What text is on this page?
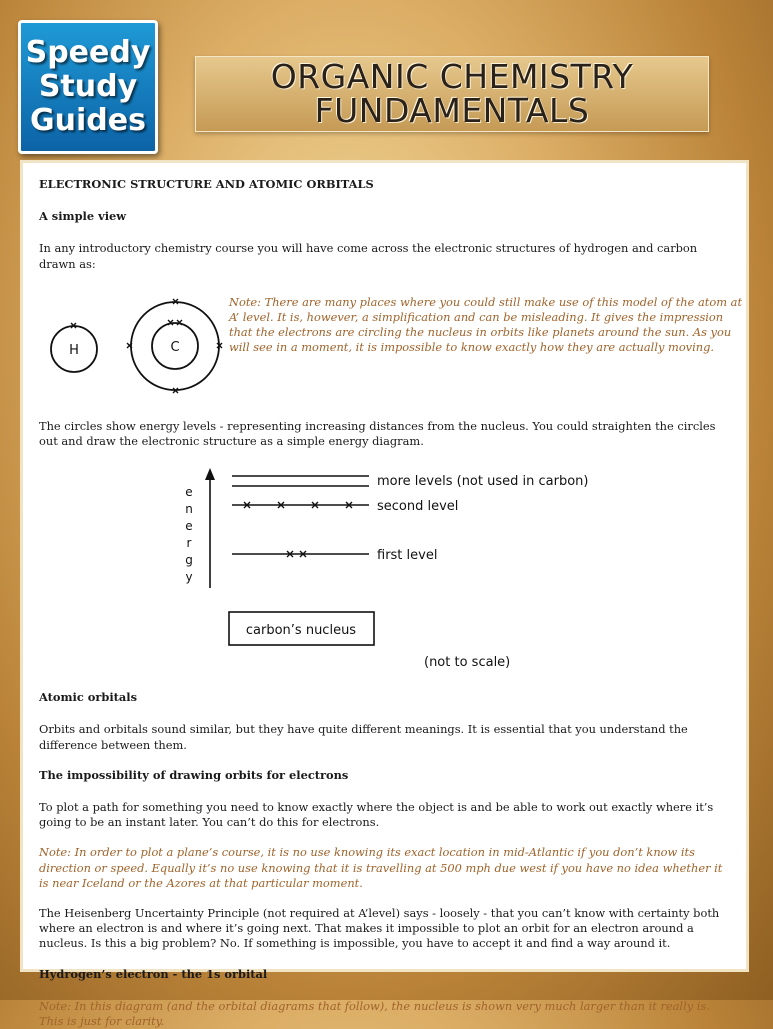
Speedy
Study
Guides
ORGANIC CHEMISTRY
FUNDAMENTALS
ELECTRONIC STRUCTURE AND ATOMIC ORBITALS
A simple view
In any introductory chemistry course you will have come across the electronic structures of hydrogen and carbon drawn as:
H	C
Note: There are many places where you could still make use of this model of the atom at A’ level. It is, however, a simplification and can be misleading. It gives the impression that the electrons are circling the nucleus in orbits like planets around the sun. As you will see in a moment, it is impossible to know exactly how they are actually moving.
The circles show energy levels - representing increasing distances from the nucleus. You could straighten the circles out and draw the electronic structure as a simple energy diagram.
e
n
e
r
g
y
more levels (not used in carbon)
second level
first level
carbon’s nucleus
(not to scale)
Atomic orbitals
Orbits and orbitals sound similar, but they have quite different meanings. It is essential that you understand the difference between them.
The impossibility of drawing orbits for electrons
To plot a path for something you need to know exactly where the object is and be able to work out exactly where it’s going to be an instant later. You can’t do this for electrons.
Note: In order to plot a plane’s course, it is no use knowing its exact location in mid-Atlantic if you don’t know its direction or speed. Equally it’s no use knowing that it is travelling at 500 mph due west if you have no idea whether it is near Iceland or the Azores at that particular moment.
The Heisenberg Uncertainty Principle (not required at A’level) says - loosely - that you can’t know with certainty both where an electron is and where it’s going next. That makes it impossible to plot an orbit for an electron around a nucleus. Is this a big problem? No. If something is impossible, you have to accept it and find a way around it.
Hydrogen’s electron - the 1s orbital
Note: In this diagram (and the orbital diagrams that follow), the nucleus is shown very much larger than it really is. This is just for clarity.
